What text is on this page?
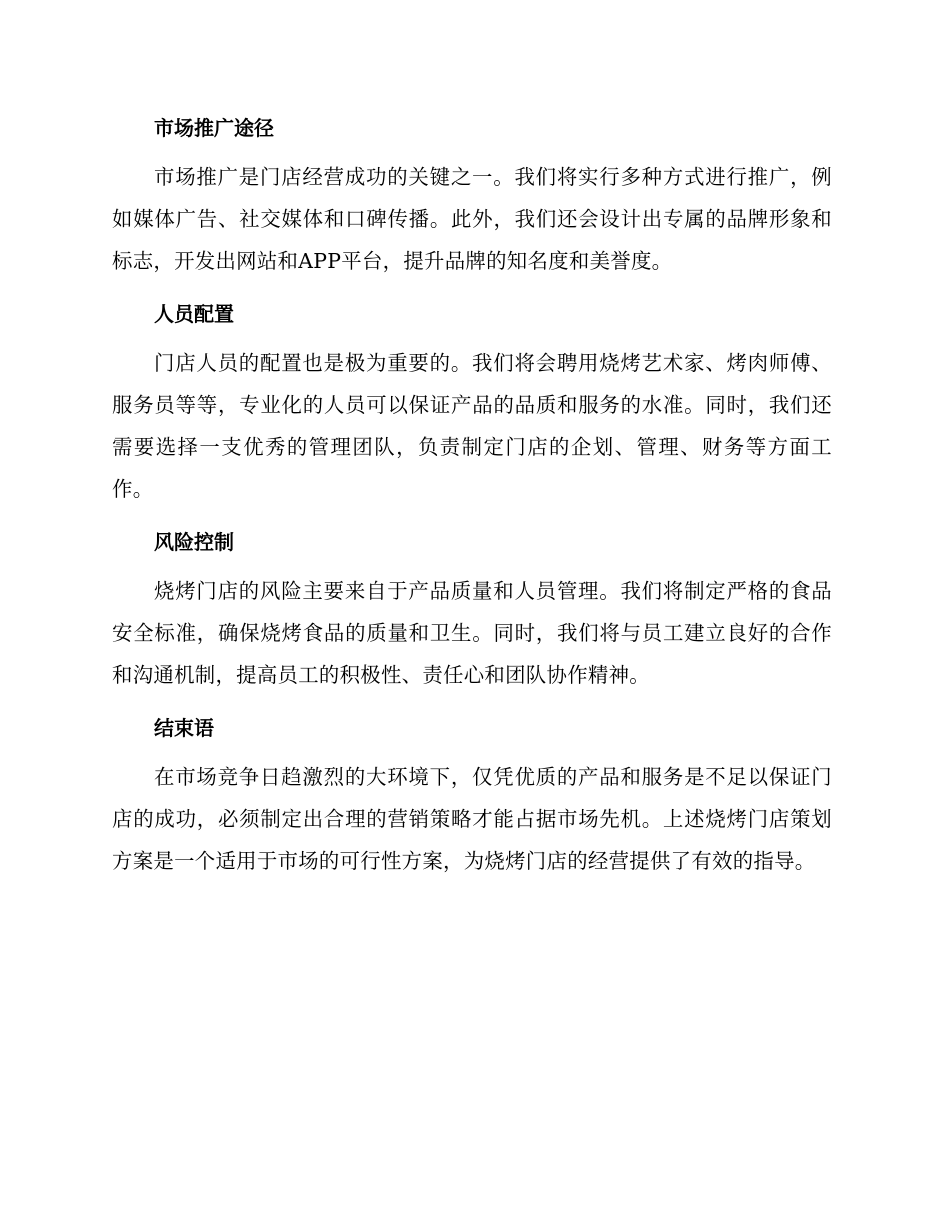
市场推广途径

市场推广是门店经营成功的关键之一。我们将实行多种方式进行推广，例如媒体广告、社交媒体和口碑传播。此外，我们还会设计出专属的品牌形象和标志，开发出网站和APP平台，提升品牌的知名度和美誉度。

人员配置

门店人员的配置也是极为重要的。我们将会聘用烧烤艺术家、烤肉师傅、服务员等等，专业化的人员可以保证产品的品质和服务的水准。同时，我们还需要选择一支优秀的管理团队，负责制定门店的企划、管理、财务等方面工作。

风险控制

烧烤门店的风险主要来自于产品质量和人员管理。我们将制定严格的食品安全标准，确保烧烤食品的质量和卫生。同时，我们将与员工建立良好的合作和沟通机制，提高员工的积极性、责任心和团队协作精神。

结束语

在市场竞争日趋激烈的大环境下，仅凭优质的产品和服务是不足以保证门店的成功，必须制定出合理的营销策略才能占据市场先机。上述烧烤门店策划方案是一个适用于市场的可行性方案，为烧烤门店的经营提供了有效的指导。
